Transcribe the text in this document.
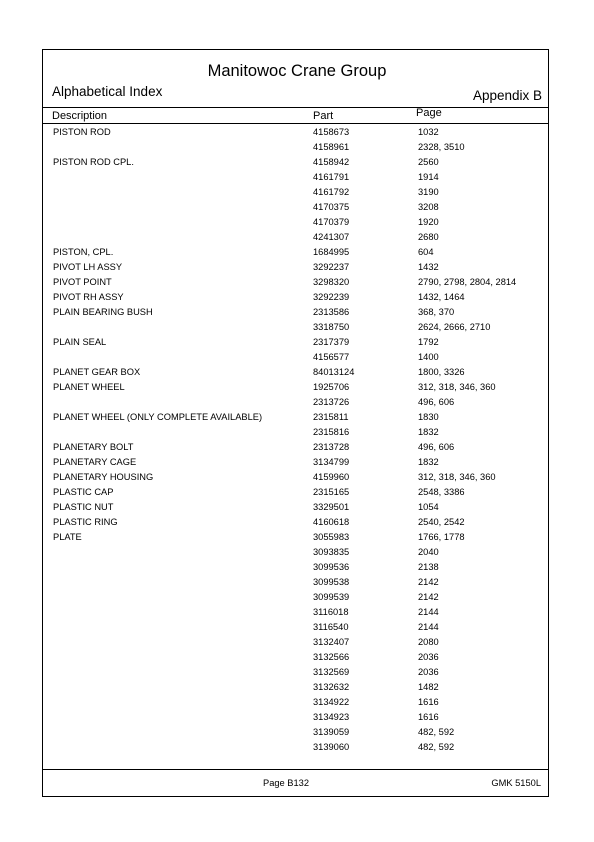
Manitowoc Crane Group
Alphabetical Index	Appendix B
Description	Part	Page
PISTON ROD	4158673	1032
4158961	2328, 3510
PISTON ROD CPL.	4158942	2560
4161791	1914
4161792	3190
4170375	3208
4170379	1920
4241307	2680
PISTON, CPL.	1684995	604
PIVOT LH ASSY	3292237	1432
PIVOT POINT	3298320	2790, 2798, 2804, 2814
PIVOT RH ASSY	3292239	1432, 1464
PLAIN BEARING BUSH	2313586	368, 370
3318750	2624, 2666, 2710
PLAIN SEAL	2317379	1792
4156577	1400
PLANET GEAR BOX	84013124	1800, 3326
PLANET WHEEL	1925706	312, 318, 346, 360
2313726	496, 606
PLANET WHEEL (ONLY COMPLETE AVAILABLE)	2315811	1830
2315816	1832
PLANETARY BOLT	2313728	496, 606
PLANETARY CAGE	3134799	1832
PLANETARY HOUSING	4159960	312, 318, 346, 360
PLASTIC CAP	2315165	2548, 3386
PLASTIC NUT	3329501	1054
PLASTIC RING	4160618	2540, 2542
PLATE	3055983	1766, 1778
3093835	2040
3099536	2138
3099538	2142
3099539	2142
3116018	2144
3116540	2144
3132407	2080
3132566	2036
3132569	2036
3132632	1482
3134922	1616
3134923	1616
3139059	482, 592
3139060	482, 592
Page B132	GMK 5150L
